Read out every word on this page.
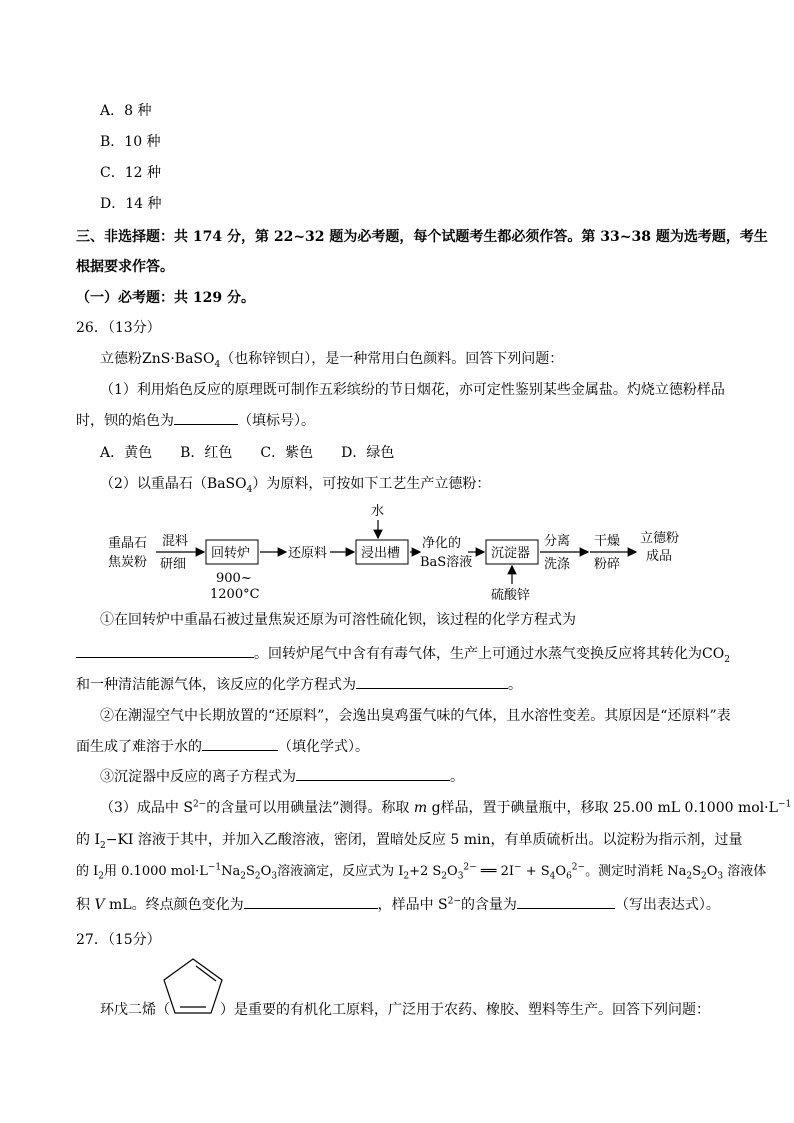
A．8 种
B．10 种
C．12 种
D．14 种
三、非选择题：共 174 分，第 22~32 题为必考题，每个试题考生都必须作答。第 33~38 题为选考题，考生
根据要求作答。
（一）必考题：共 129 分。
26．（13分）
立德粉ZnS·BaSO$_4$（也称锌钡白），是一种常用白色颜料。回答下列问题：
（1）利用焰色反应的原理既可制作五彩缤纷的节日烟花，亦可定性鉴别某些金属盐。灼烧立德粉样品
时，钡的焰色为	（填标号）。
A．黄色　　B．红色　　C．紫色　　D．绿色
（2）以重晶石（BaSO$_4$）为原料，可按如下工艺生产立德粉：
重晶石
焦炭粉
混料
研细
回转炉
900~
1200°C
还原料
水
浸出槽
净化的
BaS溶液
沉淀器
硫酸锌
分离
洗涤
干燥
粉碎
立德粉
成品
①在回转炉中重晶石被过量焦炭还原为可溶性硫化钡，该过程的化学方程式为
。回转炉尾气中含有有毒气体，生产上可通过水蒸气变换反应将其转化为$CO_2$
和一种清洁能源气体，该反应的化学方程式为	。
②在潮湿空气中长期放置的“还原料”，会逸出臭鸡蛋气味的气体，且水溶性变差。其原因是“还原料”表
面生成了难溶于水的	（填化学式）。
③沉淀器中反应的离子方程式为	。
（3）成品中 $S^{2-}$的含量可以用碘量法”测得。称取 m g样品，置于碘量瓶中，移取 25.00 mL 0.1000 $mol\cdot L^{-1}$
的 $I_2-KI$ 溶液于其中，并加入乙酸溶液，密闭，置暗处反应 5 min，有单质硫析出。以淀粉为指示剂，过量
的 $I_2$用 0.1000 $mol\cdot L^{-1}Na_2S_2O_3$溶液滴定，反应式为 $I_2+2$ $S_2O_3^{2-}$ ══ $2I^- + S_4O_6^{2-}$。测定时消耗 $Na_2S_2O_3$ 溶液体
积 V mL。终点颜色变化为	，样品中 $S^{2-}$的含量为	（写出表达式）。
27．（15分）
环戊二烯（	）是重要的有机化工原料，广泛用于农药、橡胶、塑料等生产。回答下列问题：
